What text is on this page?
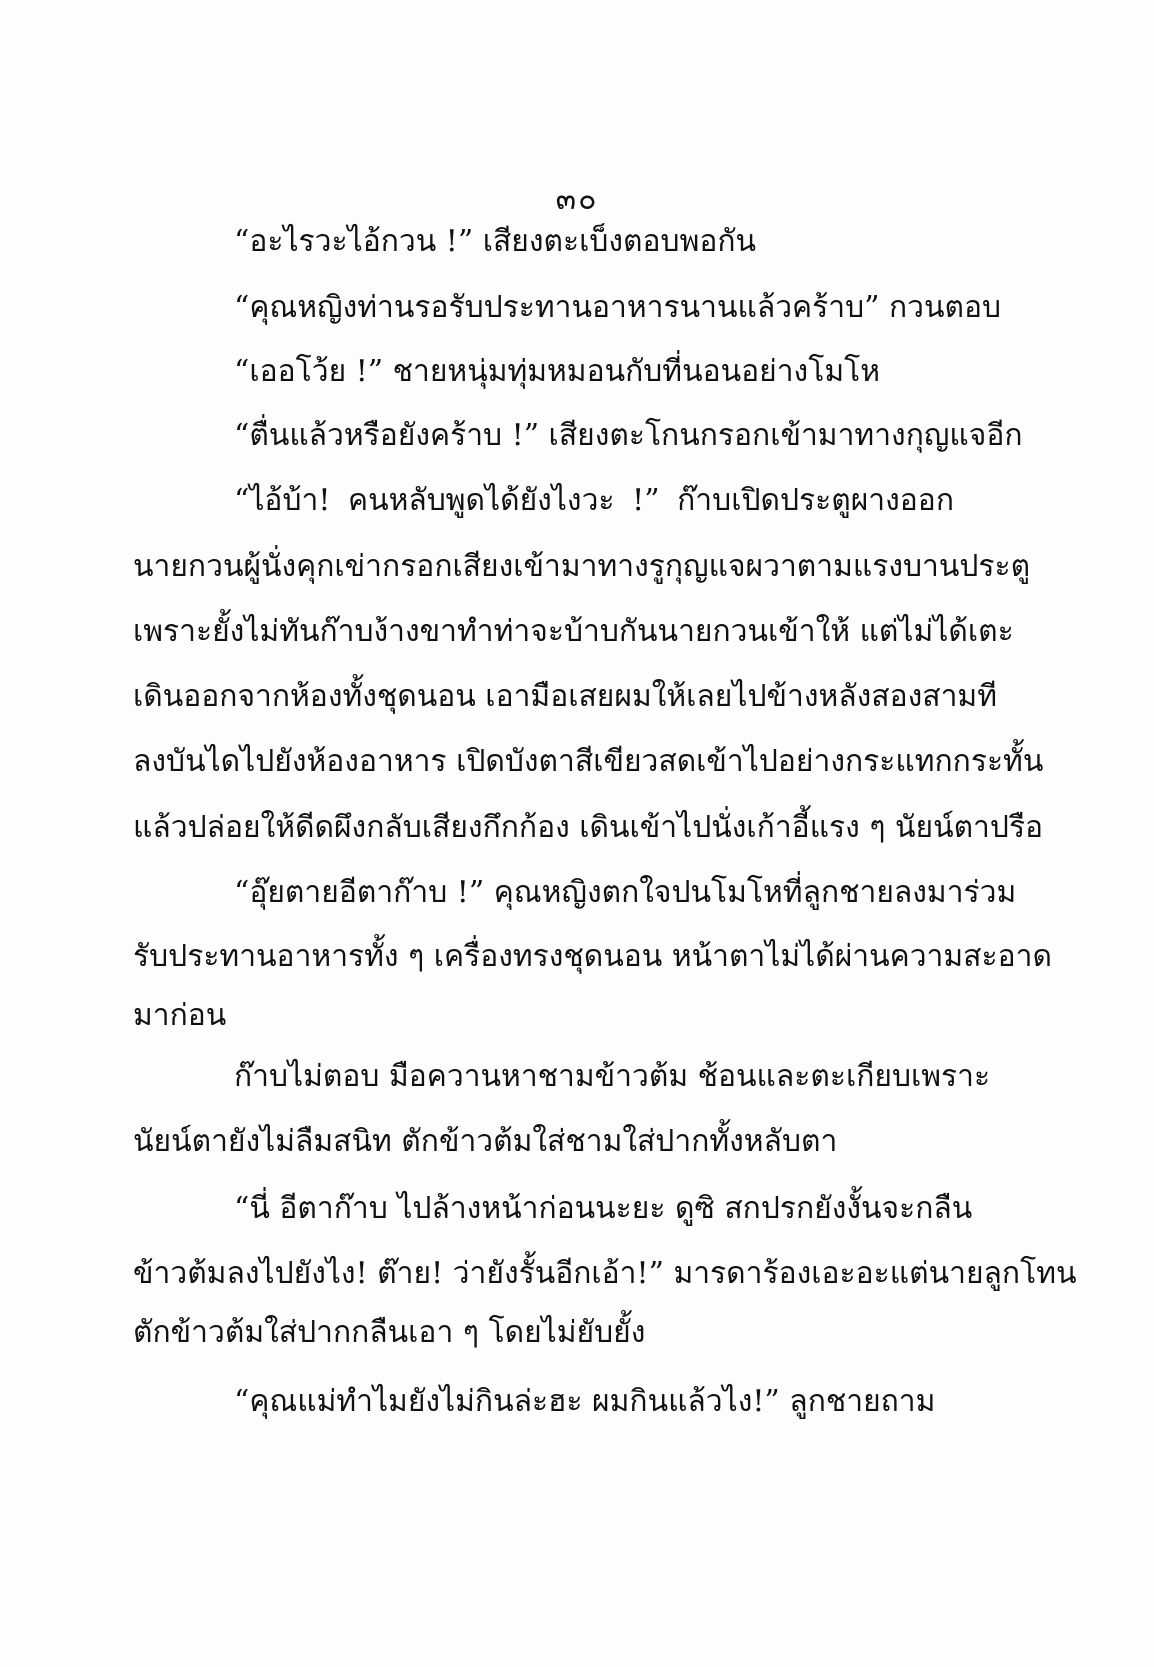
๓๐
“อะไรวะไอ้กวน !” เสียงตะเบ็งตอบพอกัน
“คุณหญิงท่านรอรับประทานอาหารนานแล้วคร้าบ” กวนตอบ
“เออโว้ย !” ชายหนุ่มทุ่มหมอนกับที่นอนอย่างโมโห
“ตื่นแล้วหรือยังคร้าบ !” เสียงตะโกนกรอกเข้ามาทางกุญแจอีก
“ไอ้บ้า! คนหลับพูดได้ยังไงวะ !” ก๊าบเปิดประตูผางออก
นายกวนผู้นั่งคุกเข่ากรอกเสียงเข้ามาทางรูกุญแจผวาตามแรงบานประตู
เพราะยั้งไม่ทันก๊าบง้างขาทำท่าจะบ้าบกันนายกวนเข้าให้ แต่ไม่ได้เตะ
เดินออกจากห้องทั้งชุดนอน เอามือเสยผมให้เลยไปข้างหลังสองสามที
ลงบันไดไปยังห้องอาหาร เปิดบังตาสีเขียวสดเข้าไปอย่างกระแทกกระทั้น
แล้วปล่อยให้ดีดผึงกลับเสียงกึกก้อง เดินเข้าไปนั่งเก้าอี้แรง ๆ นัยน์ตาปรือ
“อุ๊ยตายอีตาก๊าบ !” คุณหญิงตกใจปนโมโหที่ลูกชายลงมาร่วม
รับประทานอาหารทั้ง ๆ เครื่องทรงชุดนอน หน้าตาไม่ได้ผ่านความสะอาด
มาก่อน
ก๊าบไม่ตอบ มือควานหาชามข้าวต้ม ช้อนและตะเกียบเพราะ
นัยน์ตายังไม่ลืมสนิท ตักข้าวต้มใส่ชามใส่ปากทั้งหลับตา
“นี่ อีตาก๊าบ ไปล้างหน้าก่อนนะยะ ดูซิ สกปรกยังงั้นจะกลืน
ข้าวต้มลงไปยังไง! ต๊าย! ว่ายังรั้นอีกเอ้า!” มารดาร้องเอะอะแต่นายลูกโทน
ตักข้าวต้มใส่ปากกลืนเอา ๆ โดยไม่ยับยั้ง
“คุณแม่ทำไมยังไม่กินล่ะฮะ ผมกินแล้วไง!” ลูกชายถาม
